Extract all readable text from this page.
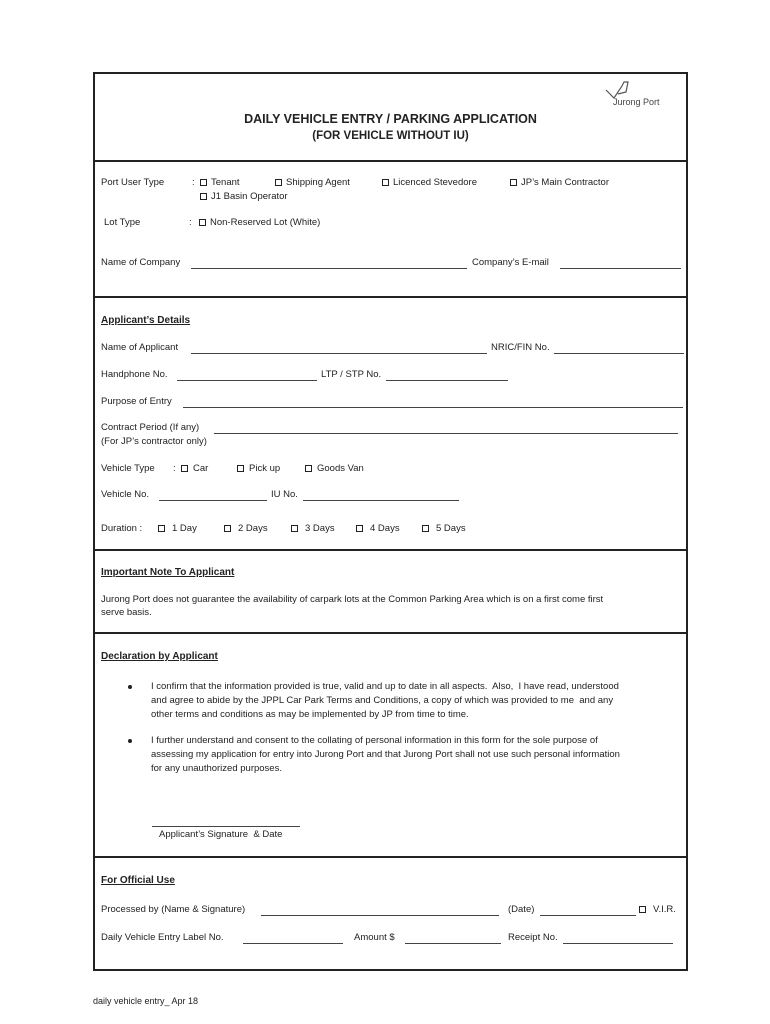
Jurong Port
DAILY VEHICLE ENTRY / PARKING APPLICATION
(FOR VEHICLE WITHOUT IU)
Port User Type	: Tenant	Shipping Agent	Licenced Stevedore	JP’s Main Contractor
J1 Basin Operator
Lot Type	: Non-Reserved Lot (White)
Name of Company	Company’s E-mail
Applicant’s Details
Name of Applicant	NRIC/FIN No.
Handphone No.	LTP / STP No.
Purpose of Entry
Contract Period (If any)
(For JP’s contractor only)
Vehicle Type : Car	Pick up	Goods Van
Vehicle No.	IU No.
Duration :	1 Day	2 Days	3 Days	4 Days	5 Days
Important Note To Applicant
Jurong Port does not guarantee the availability of carpark lots at the Common Parking Area which is on a first come first
serve basis.
Declaration by Applicant
I confirm that the information provided is true, valid and up to date in all aspects.  Also,  I have read, understood
and agree to abide by the JPPL Car Park Terms and Conditions, a copy of which was provided to me  and any
other terms and conditions as may be implemented by JP from time to time.
I further understand and consent to the collating of personal information in this form for the sole purpose of
assessing my application for entry into Jurong Port and that Jurong Port shall not use such personal information
for any unauthorized purposes.
Applicant’s Signature  & Date
For Official Use
Processed by (Name & Signature)	(Date)	V.I.R.
Daily Vehicle Entry Label No.	Amount $	Receipt No.
daily vehicle entry_ Apr 18
